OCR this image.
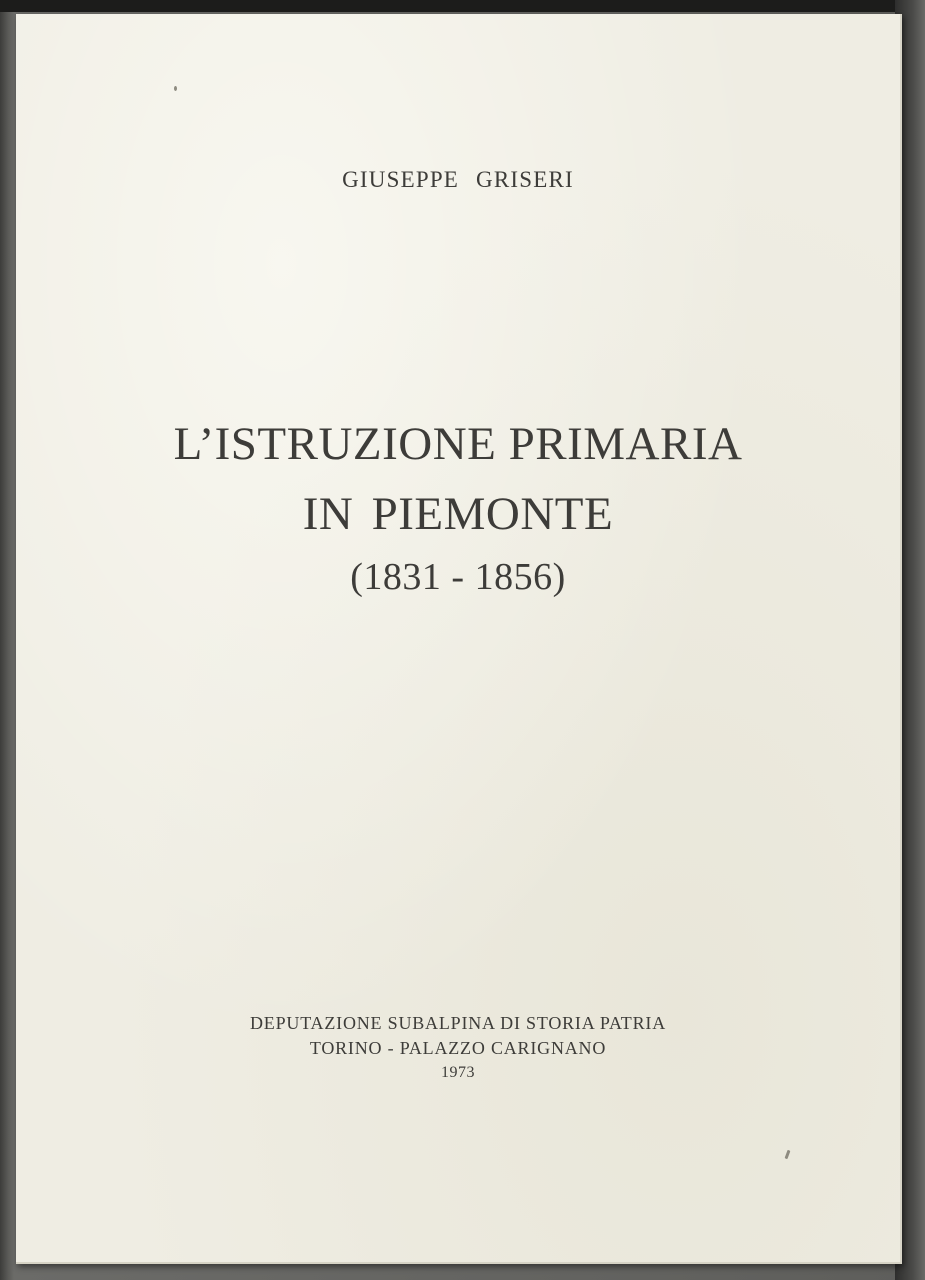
GIUSEPPE GRISERI
L’ISTRUZIONE PRIMARIA
IN PIEMONTE
(1831 - 1856)
DEPUTAZIONE SUBALPINA DI STORIA PATRIA
TORINO - PALAZZO CARIGNANO
1973
